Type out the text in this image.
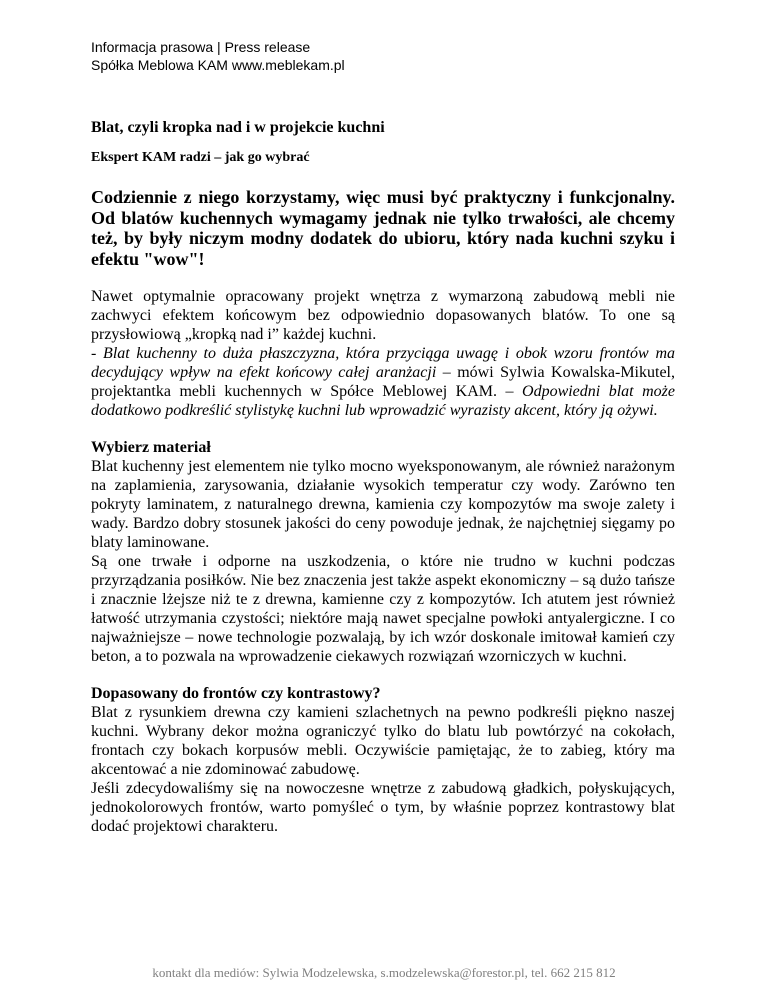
Informacja prasowa | Press release
Spółka Meblowa KAM www.meblekam.pl

Blat, czyli kropka nad i w projekcie kuchni

Ekspert KAM radzi – jak go wybrać

Codziennie z niego korzystamy, więc musi być praktyczny i funkcjonalny. Od blatów kuchennych wymagamy jednak nie tylko trwałości, ale chcemy też, by były niczym modny dodatek do ubioru, który nada kuchni szyku i efektu "wow"!

Nawet optymalnie opracowany projekt wnętrza z wymarzoną zabudową mebli nie zachwyci efektem końcowym bez odpowiednio dopasowanych blatów. To one są przysłowiową „kropką nad i” każdej kuchni.

- Blat kuchenny to duża płaszczyzna, która przyciąga uwagę i obok wzoru frontów ma decydujący wpływ na efekt końcowy całej aranżacji – mówi Sylwia Kowalska-Mikutel, projektantka mebli kuchennych w Spółce Meblowej KAM. – Odpowiedni blat może dodatkowo podkreślić stylistykę kuchni lub wprowadzić wyrazisty akcent, który ją ożywi.

Wybierz materiał

Blat kuchenny jest elementem nie tylko mocno wyeksponowanym, ale również narażonym na zaplamienia, zarysowania, działanie wysokich temperatur czy wody. Zarówno ten pokryty laminatem, z naturalnego drewna, kamienia czy kompozytów ma swoje zalety i wady. Bardzo dobry stosunek jakości do ceny powoduje jednak, że najchętniej sięgamy po blaty laminowane.

Są one trwałe i odporne na uszkodzenia, o które nie trudno w kuchni podczas przyrządzania posiłków. Nie bez znaczenia jest także aspekt ekonomiczny – są dużo tańsze i znacznie lżejsze niż te z drewna, kamienne czy z kompozytów. Ich atutem jest również łatwość utrzymania czystości; niektóre mają nawet specjalne powłoki antyalergiczne. I co najważniejsze – nowe technologie pozwalają, by ich wzór doskonale imitował kamień czy beton, a to pozwala na wprowadzenie ciekawych rozwiązań wzorniczych w kuchni.

Dopasowany do frontów czy kontrastowy?

Blat z rysunkiem drewna czy kamieni szlachetnych na pewno podkreśli piękno naszej kuchni. Wybrany dekor można ograniczyć tylko do blatu lub powtórzyć na cokołach, frontach czy bokach korpusów mebli. Oczywiście pamiętając, że to zabieg, który ma akcentować a nie zdominować zabudowę.

Jeśli zdecydowaliśmy się na nowoczesne wnętrze z zabudową gładkich, połyskujących, jednokolorowych frontów, warto pomyśleć o tym, by właśnie poprzez kontrastowy blat dodać projektowi charakteru.

kontakt dla mediów: Sylwia Modzelewska, s.modzelewska@forestor.pl, tel. 662 215 812
